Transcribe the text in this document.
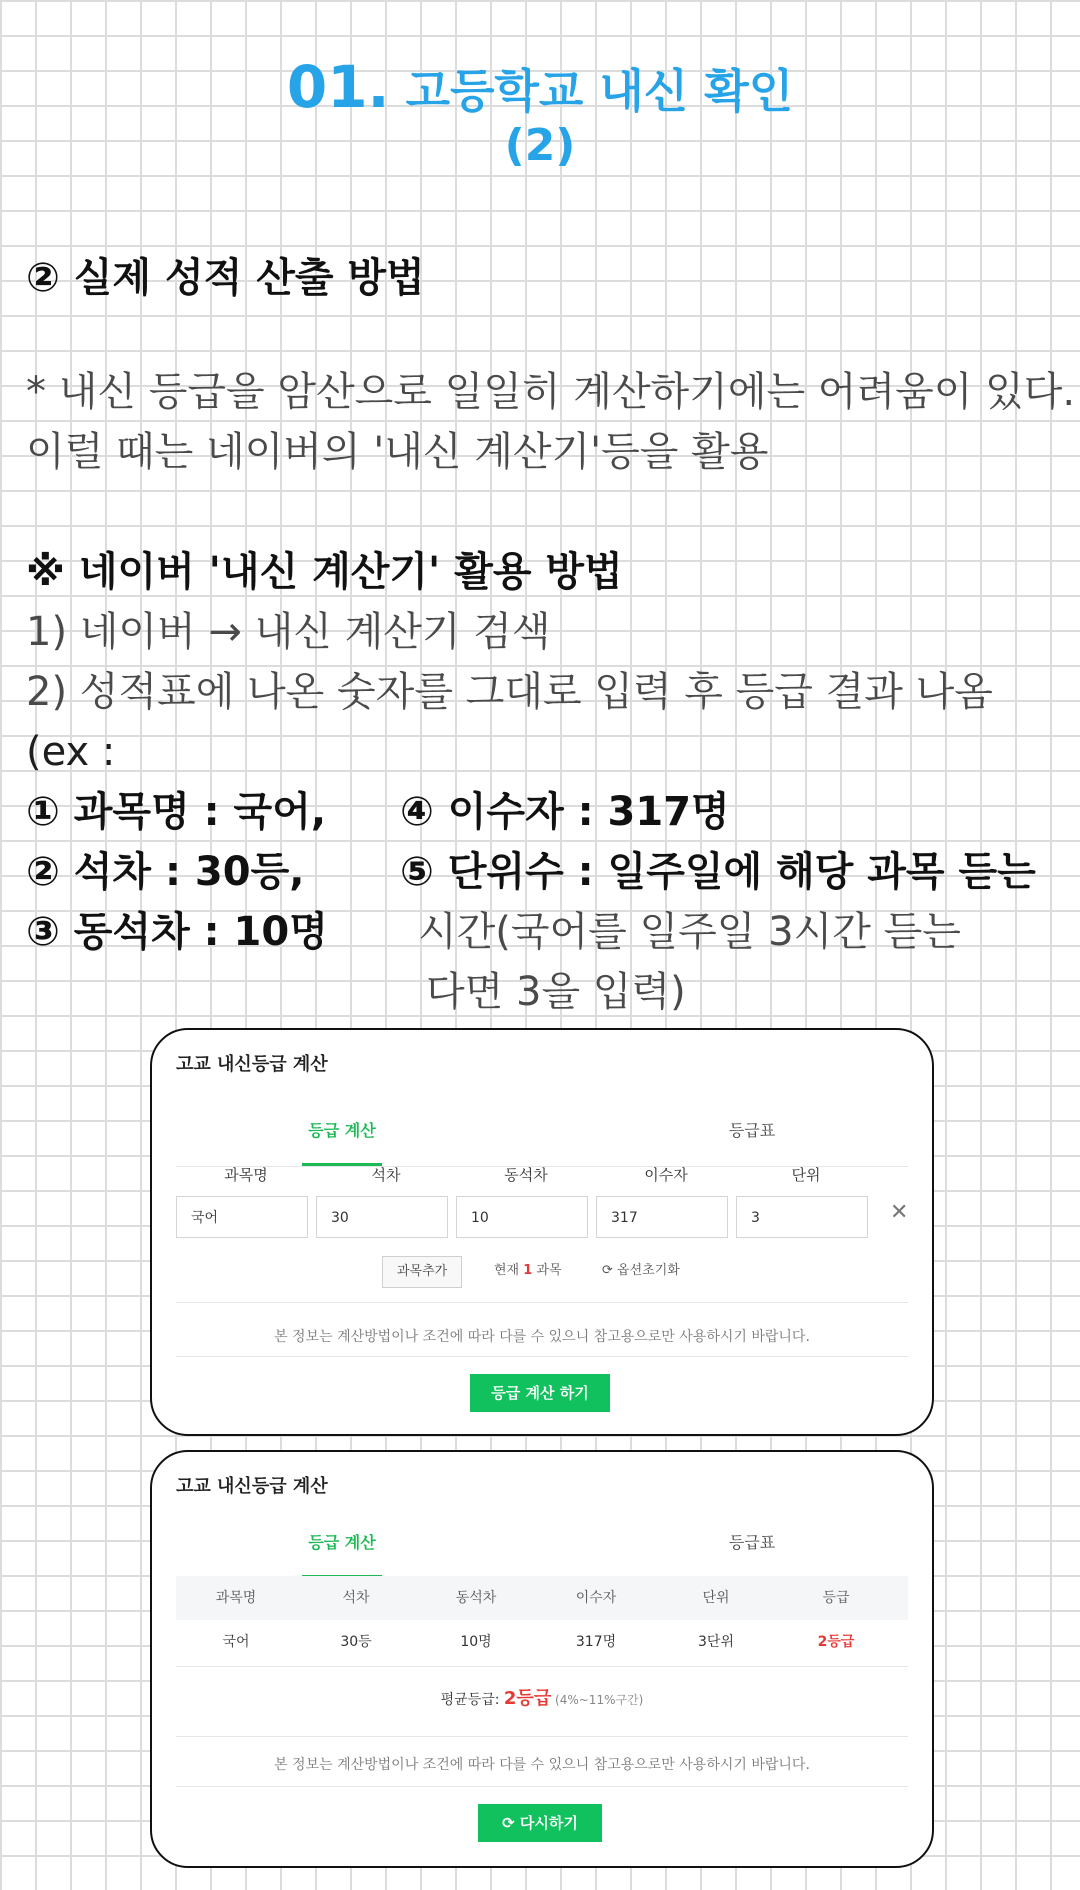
01. 고등학교 내신 확인
(2)
② 실제 성적 산출 방법
* 내신 등급을 암산으로 일일히 계산하기에는 어려움이 있다.
이럴 때는 네이버의 '내신 계산기'등을 활용
※ 네이버 '내신 계산기' 활용 방법
1) 네이버 → 내신 계산기 검색
2) 성적표에 나온 숫자를 그대로 입력 후 등급 결과 나옴
(ex :
① 과목명 : 국어,
② 석차 : 30등,
③ 동석차 : 10명
④ 이수자 : 317명
⑤ 단위수 : 일주일에 해당 과목 듣는
시간(국어를 일주일 3시간 듣는
다면 3을 입력)
고교 내신등급 계산
등급 계산	등급표
과목명	석차	동석차	이수자	단위
국어	30	10	317	3	✕
과목추가	현재 1 과목	⟳ 옵션초기화
본 정보는 계산방법이나 조건에 따라 다를 수 있으니 참고용으로만 사용하시기 바랍니다.
등급 계산 하기
고교 내신등급 계산
등급 계산	등급표
과목명	석차	동석차	이수자	단위	등급
국어	30등	10명	317명	3단위	2등급
평균등급: 2등급 (4%~11%구간)
본 정보는 계산방법이나 조건에 따라 다를 수 있으니 참고용으로만 사용하시기 바랍니다.
⟳ 다시하기
